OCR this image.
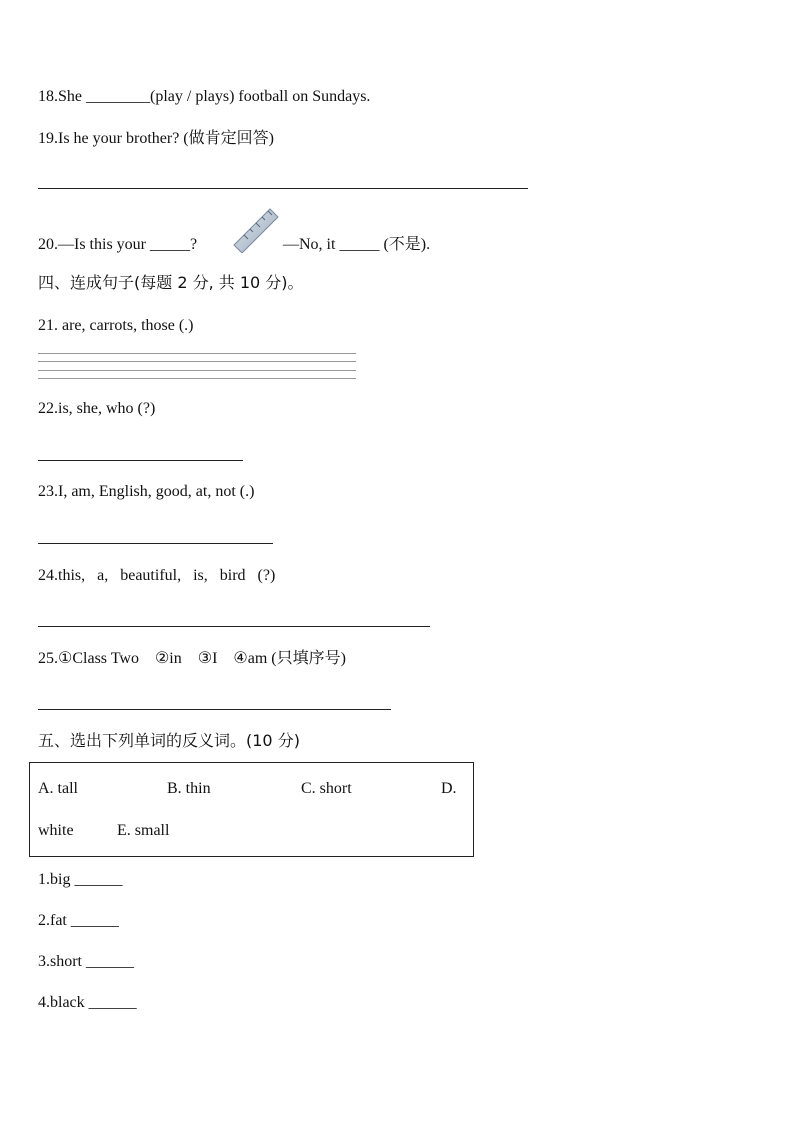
18.She ________(play / plays) football on Sundays.
19.Is he your brother? (做肯定回答)
20.—Is this your _____?	—No, it _____ (不是).
四、连成句子(每题 2 分, 共 10 分)。
21. are, carrots, those (.)
22.is, she, who (?)
23.I, am, English, good, at, not (.)
24.this,   a,   beautiful,   is,   bird   (?)
25.①Class Two    ②in    ③I    ④am (只填序号)
五、选出下列单词的反义词。(10 分)
A. tall	B. thin	C. short	D.
white	E. small
1.big ______
2.fat ______
3.short ______
4.black ______
